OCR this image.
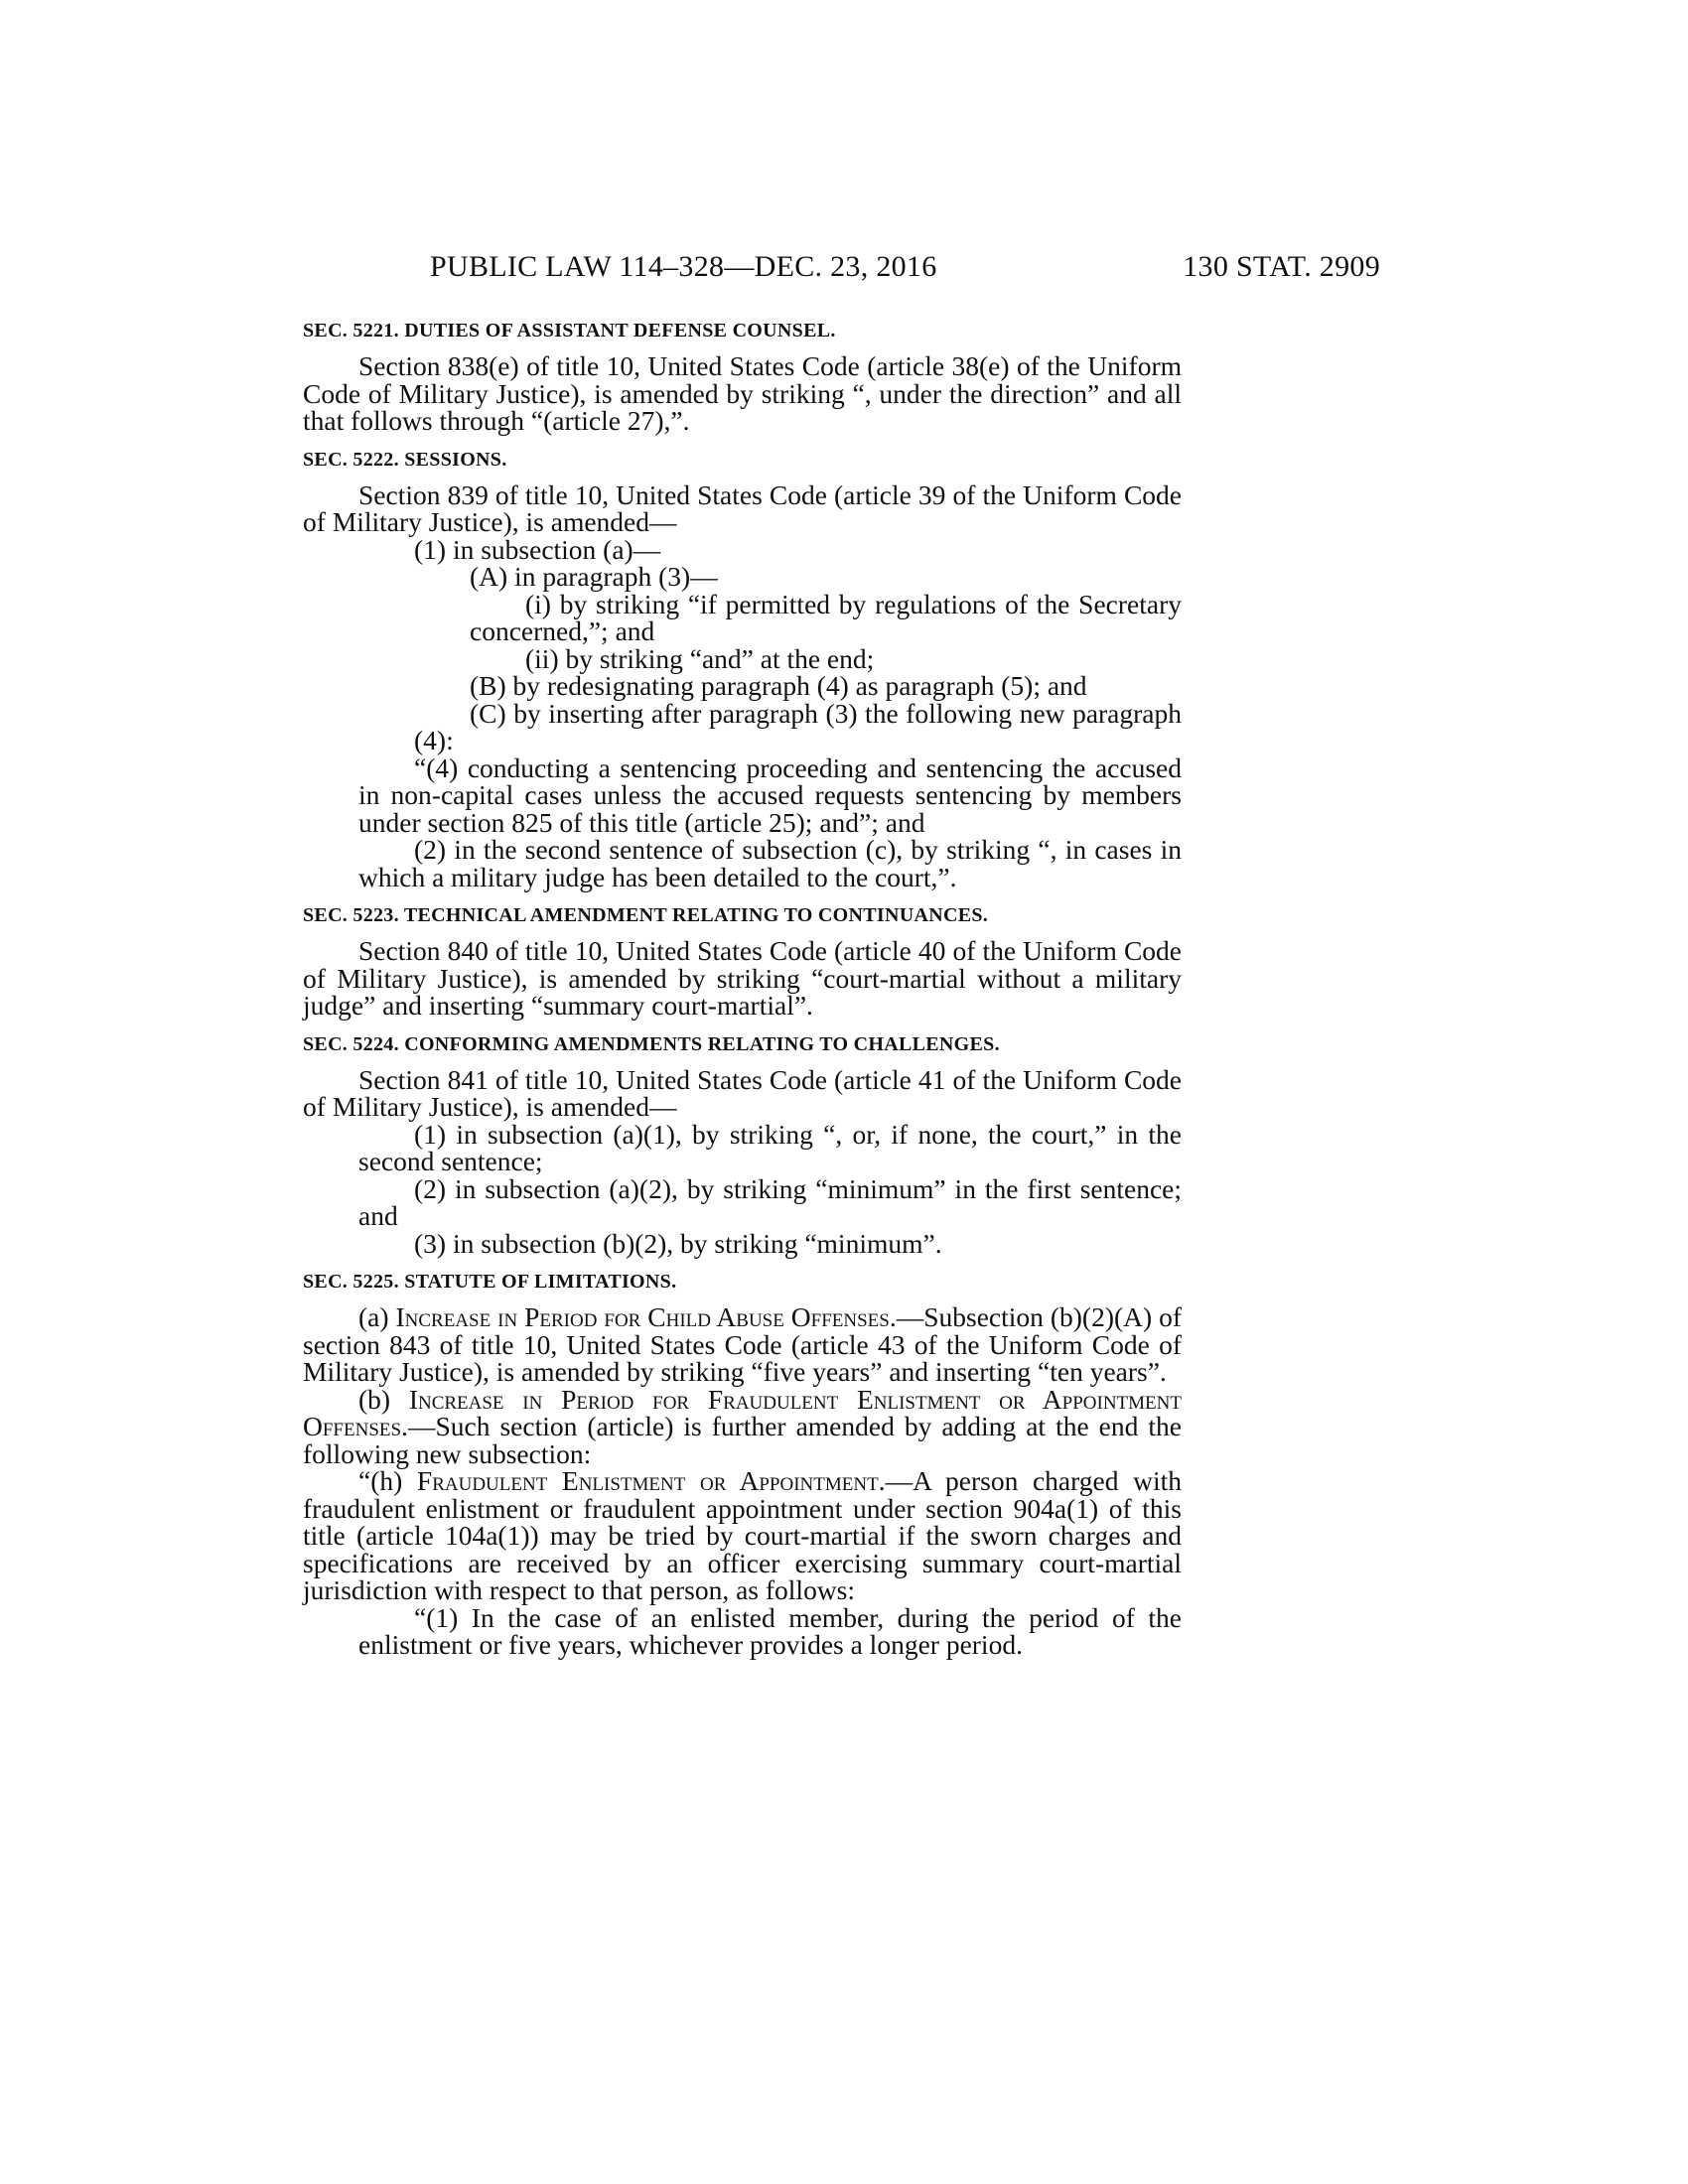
PUBLIC LAW 114–328—DEC. 23, 2016	130 STAT. 2909
SEC. 5221. DUTIES OF ASSISTANT DEFENSE COUNSEL.

Section 838(e) of title 10, United States Code (article 38(e) of the Uniform Code of Military Justice), is amended by striking “, under the direction” and all that follows through “(article 27),”.

SEC. 5222. SESSIONS.

Section 839 of title 10, United States Code (article 39 of the Uniform Code of Military Justice), is amended—

(1) in subsection (a)—

(A) in paragraph (3)—

(i) by striking “if permitted by regulations of the Secretary concerned,”; and

(ii) by striking “and” at the end;

(B) by redesignating paragraph (4) as paragraph (5); and

(C) by inserting after paragraph (3) the following new paragraph (4):

“(4) conducting a sentencing proceeding and sentencing the accused in non-capital cases unless the accused requests sentencing by members under section 825 of this title (article 25); and”; and

(2) in the second sentence of subsection (c), by striking “, in cases in which a military judge has been detailed to the court,”.

SEC. 5223. TECHNICAL AMENDMENT RELATING TO CONTINUANCES.

Section 840 of title 10, United States Code (article 40 of the Uniform Code of Military Justice), is amended by striking “court-martial without a military judge” and inserting “summary court-martial”.

SEC. 5224. CONFORMING AMENDMENTS RELATING TO CHALLENGES.

Section 841 of title 10, United States Code (article 41 of the Uniform Code of Military Justice), is amended—

(1) in subsection (a)(1), by striking “, or, if none, the court,” in the second sentence;

(2) in subsection (a)(2), by striking “minimum” in the first sentence; and

(3) in subsection (b)(2), by striking “minimum”.

SEC. 5225. STATUTE OF LIMITATIONS.

(a) Increase in Period for Child Abuse Offenses.—Subsection (b)(2)(A) of section 843 of title 10, United States Code (article 43 of the Uniform Code of Military Justice), is amended by striking “five years” and inserting “ten years”.

(b) Increase in Period for Fraudulent Enlistment or Appointment Offenses.—Such section (article) is further amended by adding at the end the following new subsection:

“(h) Fraudulent Enlistment or Appointment.—A person charged with fraudulent enlistment or fraudulent appointment under section 904a(1) of this title (article 104a(1)) may be tried by court-martial if the sworn charges and specifications are received by an officer exercising summary court-martial jurisdiction with respect to that person, as follows:

“(1) In the case of an enlisted member, during the period of the enlistment or five years, whichever provides a longer period.
